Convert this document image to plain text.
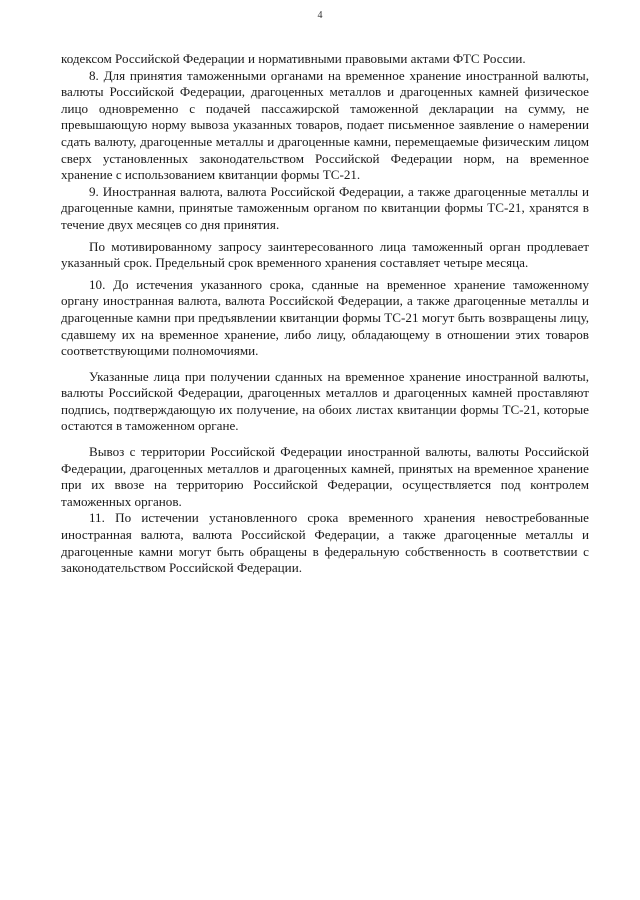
4

кодексом Российской Федерации и нормативными правовыми актами ФТС России.

8. Для принятия таможенными органами на временное хранение иностранной валюты, валюты Российской Федерации, драгоценных металлов и драгоценных камней физическое лицо одновременно с подачей пассажирской таможенной декларации на сумму, не превышающую норму вывоза указанных товаров, подает письменное заявление о намерении сдать валюту, драгоценные металлы и драгоценные камни, перемещаемые физическим лицом сверх установленных законодательством Российской Федерации норм, на временное хранение с использованием квитанции формы ТС-21.

9. Иностранная валюта, валюта Российской Федерации, а также драгоценные металлы и драгоценные камни, принятые таможенным органом по квитанции формы ТС-21, хранятся в течение двух месяцев со дня принятия.

По мотивированному запросу заинтересованного лица таможенный орган продлевает указанный срок. Предельный срок временного хранения составляет четыре месяца.

10. До истечения указанного срока, сданные на временное хранение таможенному органу иностранная валюта, валюта Российской Федерации, а также драгоценные металлы и драгоценные камни при предъявлении квитанции формы ТС-21 могут быть возвращены лицу, сдавшему их на временное хранение, либо лицу, обладающему в отношении этих товаров соответствующими полномочиями.

Указанные лица при получении сданных на временное хранение иностранной валюты, валюты Российской Федерации, драгоценных металлов и драгоценных камней проставляют подпись, подтверждающую их получение, на обоих листах квитанции формы ТС-21, которые остаются в таможенном органе.

Вывоз с территории Российской Федерации иностранной валюты, валюты Российской Федерации, драгоценных металлов и драгоценных камней, принятых на временное хранение при их ввозе на территорию Российской Федерации, осуществляется под контролем таможенных органов.

11. По истечении установленного срока временного хранения невостребованные иностранная валюта, валюта Российской Федерации, а также драгоценные металлы и драгоценные камни могут быть обращены в федеральную собственность в соответствии с законодательством Российской Федерации.
